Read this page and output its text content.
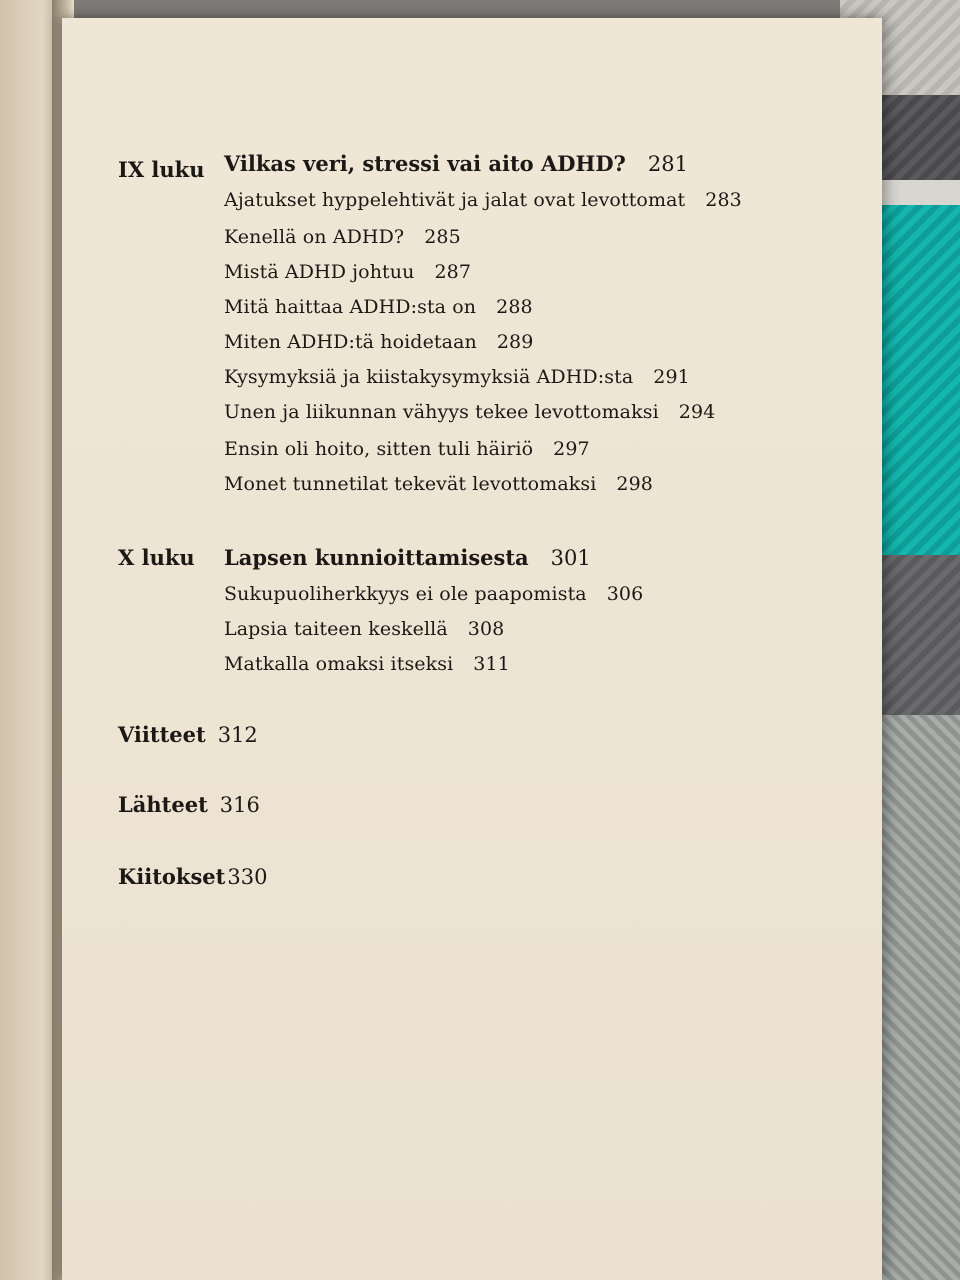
IX luku Vilkas veri, stressi vai aito ADHD? 281
Ajatukset hyppelehtivät ja jalat ovat levottomat 283
Kenellä on ADHD? 285
Mistä ADHD johtuu 287
Mitä haittaa ADHD:sta on 288
Miten ADHD:tä hoidetaan 289
Kysymyksiä ja kiistakysymyksiä ADHD:sta 291
Unen ja liikunnan vähyys tekee levottomaksi 294
Ensin oli hoito, sitten tuli häiriö 297
Monet tunnetilat tekevät levottomaksi 298
X luku Lapsen kunnioittamisesta 301
Sukupuoliherkkyys ei ole paapomista 306
Lapsia taiteen keskellä 308
Matkalla omaksi itseksi 311
Viitteet 312
Lähteet 316
Kiitokset330
